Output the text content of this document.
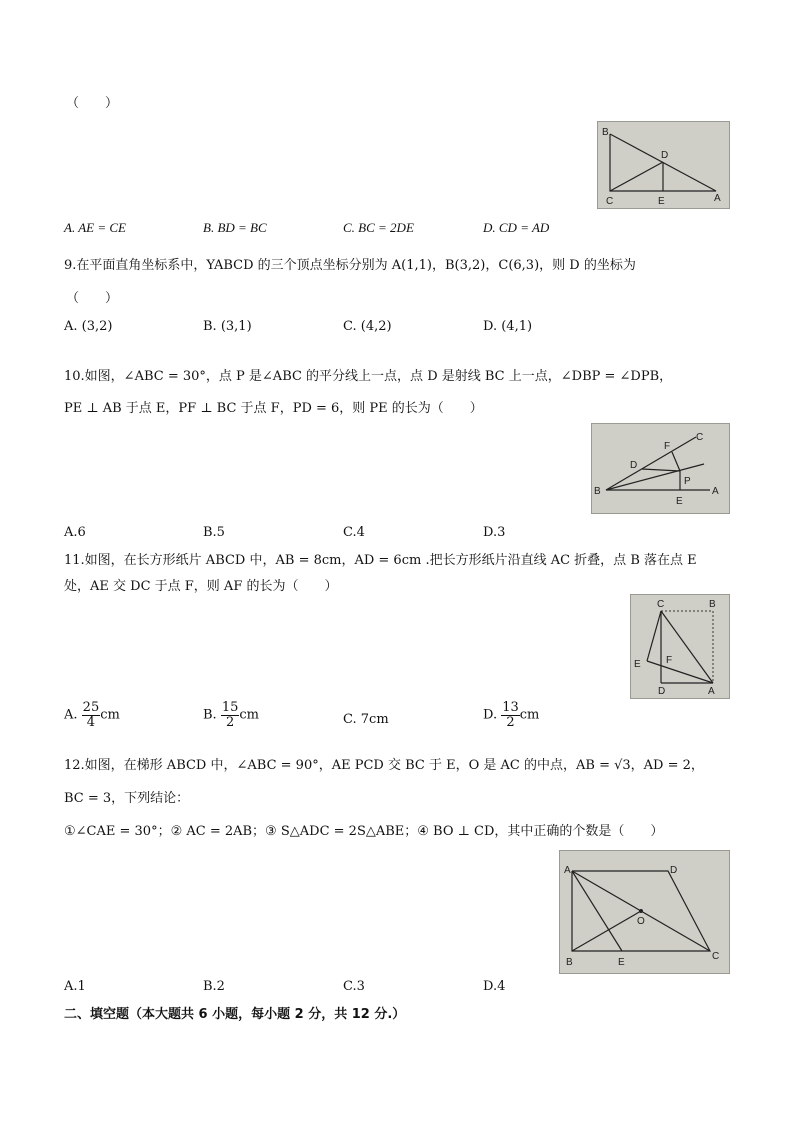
（　　）
B
C
D
E	A
A. AE = CE	B. BD = BC	C. BC = 2DE	D. CD = AD
9.在平面直角坐标系中，YABCD 的三个顶点坐标分别为 A(1,1)，B(3,2)，C(6,3)，则 D 的坐标为
（　　）
A. (3,2)	B. (3,1)	C. (4,2)	D. (4,1)
10.如图，∠ABC = 30°，点 P 是∠ABC 的平分线上一点，点 D 是射线 BC 上一点，∠DBP = ∠DPB，
PE ⊥ AB 于点 E，PF ⊥ BC 于点 F，PD = 6，则 PE 的长为（　　）
B
D
F
C
P
E
A
A.6	B.5	C.4	D.3
11.如图，在长方形纸片 ABCD 中，AB = 8cm，AD = 6cm .把长方形纸片沿直线 AC 折叠，点 B 落在点 E
处，AE 交 DC 于点 F，则 AF 的长为（　　）
C	B
E	F
D	A
A. $\frac{25}{4}$ cm	B. $\frac{15}{2}$ cm	C. 7cm	D. $\frac{13}{2}$ cm
12.如图，在梯形 ABCD 中，∠ABC = 90°，AE PCD 交 BC 于 E，O 是 AC 的中点，AB = √3，AD = 2，
BC = 3，下列结论：
①∠CAE = 30°；② AC = 2AB；③ S△ADC = 2S△ABE；④ BO ⊥ CD，其中正确的个数是（　　）
A	D
O
B	E
C
A.1	B.2	C.3	D.4
二、填空题（本大题共 6 小题，每小题 2 分，共 12 分.）
